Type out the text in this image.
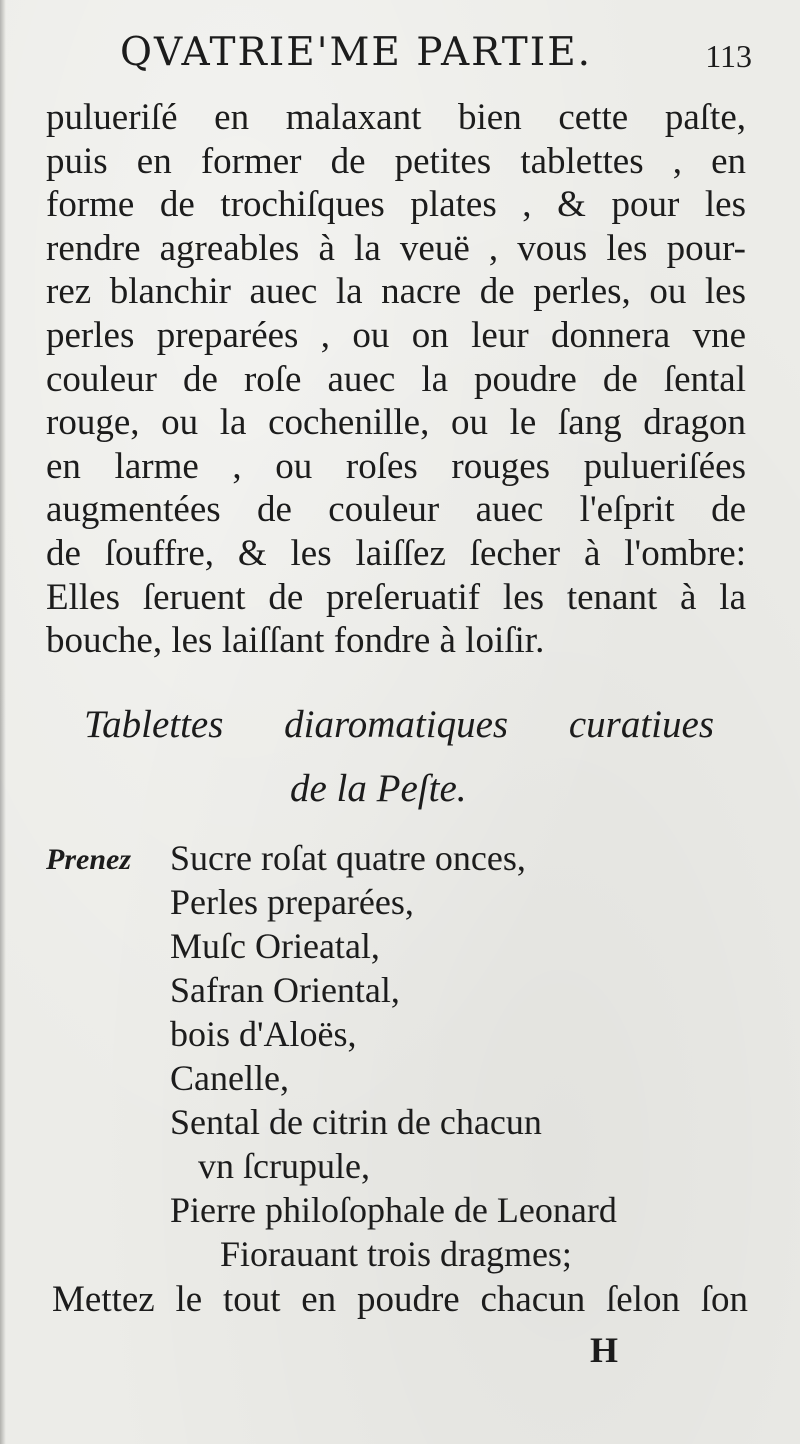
QVATRIE'ME PARTIE.	113
pulueriſé en malaxant bien cette paſte,
puis en former de petites tablettes , en
forme de trochiſques plates , & pour les
rendre agreables à la veuë , vous les pour-
rez blanchir auec la nacre de perles, ou les
perles preparées , ou on leur donnera vne
couleur de roſe auec la poudre de ſental
rouge, ou la cochenille, ou le ſang dragon
en larme , ou roſes rouges pulueriſées
augmentées de couleur auec l'eſprit de
de ſouffre, & les laiſſez ſecher à l'ombre:
Elles ſeruent de preſeruatif les tenant à la
bouche, les laiſſant fondre à loiſir.
Tablettes diaromatiques curatiues
de la Peſte.
Prenez Sucre roſat quatre onces,
Perles preparées,
Muſc Orieatal,
Safran Oriental,
bois d'Aloës,
Canelle,
Sental de citrin de chacun
vn ſcrupule,
Pierre philoſophale de Leonard
Fiorauant trois dragmes;
Mettez le tout en poudre chacun ſelon ſon
H
